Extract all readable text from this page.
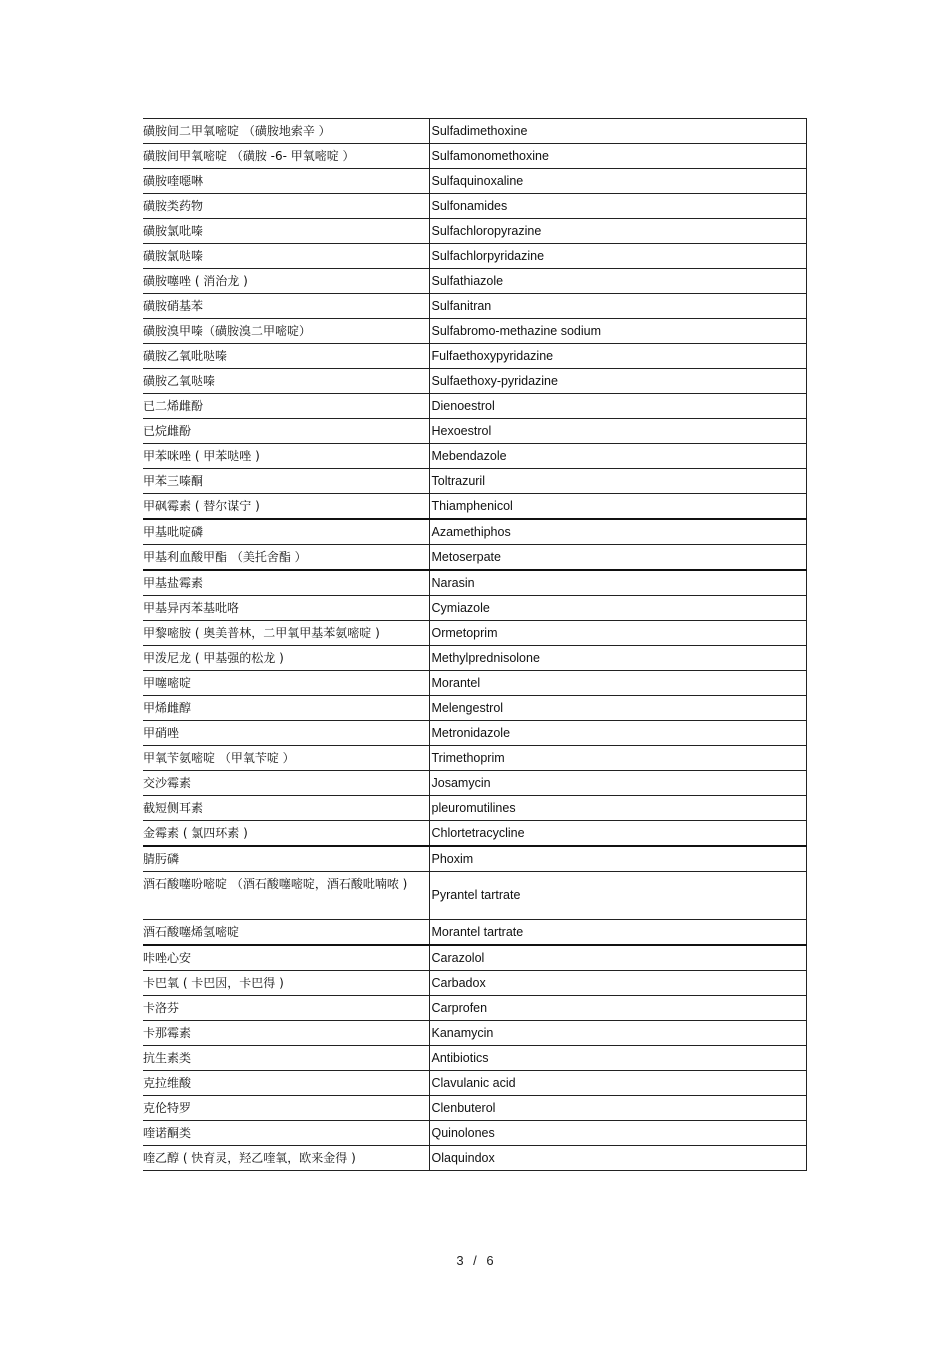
磺胺间二甲氧嘧啶 （磺胺地索辛 ）	Sulfadimethoxine
磺胺间甲氧嘧啶 （磺胺 -6- 甲氧嘧啶 ）	Sulfamonomethoxine
磺胺喹噁啉	Sulfaquinoxaline
磺胺类药物	Sulfonamides
磺胺氯吡嗪	Sulfachloropyrazine
磺胺氯哒嗪	Sulfachlorpyridazine
磺胺噻唑 ( 消治龙 )	Sulfathiazole
磺胺硝基苯	Sulfanitran
磺胺溴甲嗪（磺胺溴二甲嘧啶）	Sulfabromo-methazine sodium
磺胺乙氧吡哒嗪	Fulfaethoxypyridazine
磺胺乙氧哒嗪	Sulfaethoxy-pyridazine
已二烯雌酚	Dienoestrol
已烷雌酚	Hexoestrol
甲苯咪唑 ( 甲苯哒唑 )	Mebendazole
甲苯三嗪酮	Toltrazuril
甲砜霉素 ( 替尔谋宁 )	Thiamphenicol
甲基吡啶磷	Azamethiphos
甲基利血酸甲酯 （美托舍酯 ）	Metoserpate
甲基盐霉素	Narasin
甲基异丙苯基吡咯	Cymiazole
甲黎嘧胺 ( 奥美普林，二甲氧甲基苯氨嘧啶 )	Ormetoprim
甲泼尼龙 ( 甲基强的松龙 )	Methylprednisolone
甲噻嘧啶	Morantel
甲烯雌醇	Melengestrol
甲硝唑	Metronidazole
甲氧苄氨嘧啶 （甲氧苄啶 ）	Trimethoprim
交沙霉素	Josamycin
截短侧耳素	pleuromutilines
金霉素 ( 氯四环素 )	Chlortetracycline
腈肟磷	Phoxim
酒石酸噻吩嘧啶 （酒石酸噻嘧啶，酒石酸吡喃哝 )	Pyrantel tartrate
酒石酸噻烯氢嘧啶	Morantel tartrate
咔唑心安	Carazolol
卡巴氧 ( 卡巴因，卡巴得 )	Carbadox
卡洛芬	Carprofen
卡那霉素	Kanamycin
抗生素类	Antibiotics
克拉维酸	Clavulanic acid
克伦特罗	Clenbuterol
喹诺酮类	Quinolones
喹乙醇 ( 快育灵，羟乙喹氧，欧来金得 )	Olaquindox
3 / 6
